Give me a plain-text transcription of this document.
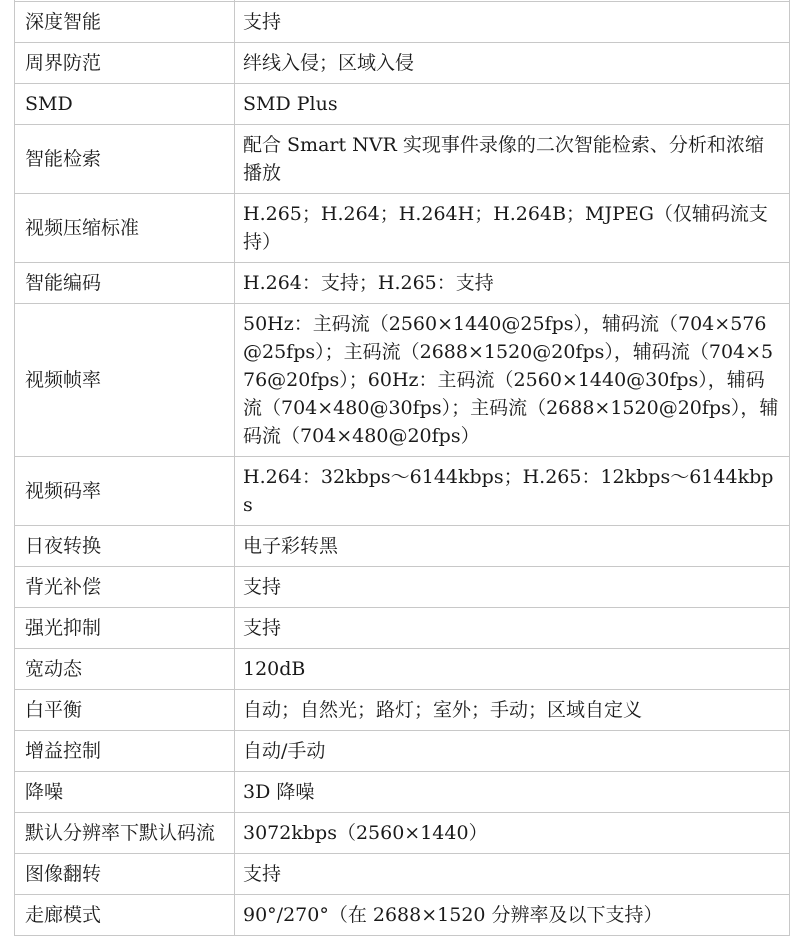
深度智能	支持
周界防范	绊线入侵；区域入侵
SMD	SMD Plus
智能检索	配合 Smart NVR 实现事件录像的二次智能检索、分析和浓缩播放
视频压缩标准	H.265；H.264；H.264H；H.264B；MJPEG（仅辅码流支持）
智能编码	H.264：支持；H.265：支持
视频帧率	50Hz：主码流（2560×1440@25fps），辅码流（704×576@25fps）；主码流（2688×1520@20fps），辅码流（704×576@20fps）；60Hz：主码流（2560×1440@30fps），辅码流（704×480@30fps）；主码流（2688×1520@20fps），辅码流（704×480@20fps）
视频码率	H.264：32kbps～6144kbps；H.265：12kbps～6144kbps
日夜转换	电子彩转黑
背光补偿	支持
强光抑制	支持
宽动态	120dB
白平衡	自动；自然光；路灯；室外；手动；区域自定义
增益控制	自动/手动
降噪	3D 降噪
默认分辨率下默认码流	3072kbps（2560×1440）
图像翻转	支持
走廊模式	90°/270°（在 2688×1520 分辨率及以下支持）
